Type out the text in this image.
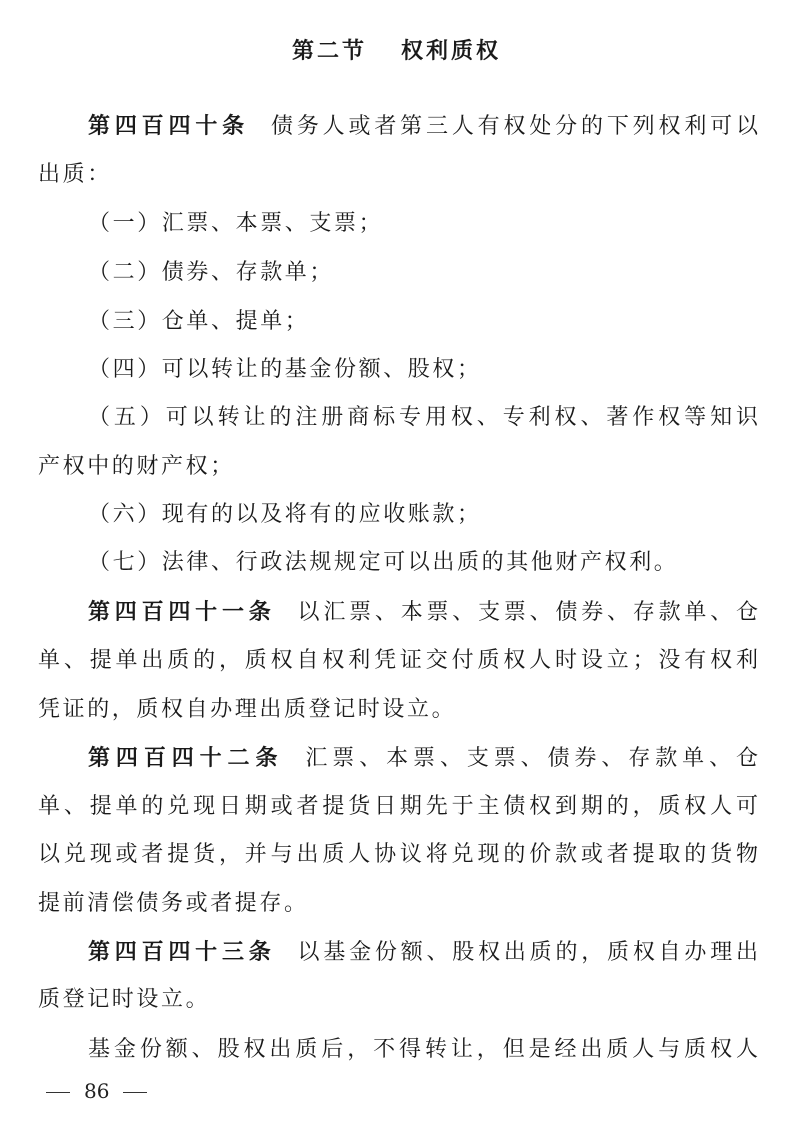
第二节 权利质权
第四百四十条 债务人或者第三人有权处分的下列权利可以
出质：
（一）汇票、本票、支票；
（二）债券、存款单；
（三）仓单、提单；
（四）可以转让的基金份额、股权；
（五）可以转让的注册商标专用权、专利权、著作权等知识
产权中的财产权；
（六）现有的以及将有的应收账款；
（七）法律、行政法规规定可以出质的其他财产权利。
第四百四十一条 以汇票、本票、支票、债券、存款单、仓
单、提单出质的，质权自权利凭证交付质权人时设立；没有权利
凭证的，质权自办理出质登记时设立。
第四百四十二条 汇票、本票、支票、债券、存款单、仓
单、提单的兑现日期或者提货日期先于主债权到期的，质权人可
以兑现或者提货，并与出质人协议将兑现的价款或者提取的货物
提前清偿债务或者提存。
第四百四十三条 以基金份额、股权出质的，质权自办理出
质登记时设立。
基金份额、股权出质后，不得转让，但是经出质人与质权人
86
